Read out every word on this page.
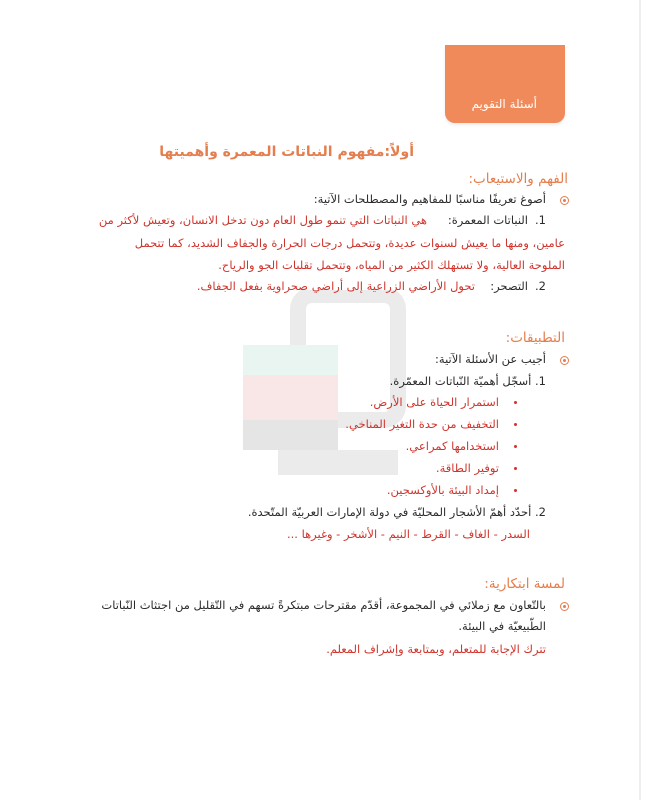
أسئلة التقويم
أولاً:مفهوم النباتات المعمرة وأهميتها
الفهم والاستيعاب:
أصوغ تعريفًا مناسبًا للمفاهيم والمصطلحات الآتية:
1.
النباتات المعمرة:
هي النباتات التي تنمو طول العام دون تدخل الانسان، وتعيش لأكثر من
عامين، ومنها ما يعيش لسنوات عديدة، وتتحمل درجات الحرارة والجفاف الشديد، كما تتحمل
الملوحة العالية، ولا تستهلك الكثير من المياه، وتتحمل تقلبات الجو والرياح.
2.
التصحر:
تحول الأراضي الزراعية إلى أراضي صحراوية بفعل الجفاف.
التطبيقات:
أجيب عن الأسئلة الآتية:
1. أسجّل أهميّة النّباتات المعمّرة.
استمرار الحياة على الأرض.
التخفيف من حدة التغير المناخي.
استخدامها كمراعي.
توفير الطاقة.
إمداد البيئة بالأوكسجين.
2. أحدّد أهمّ الأشجار المحليّة في دولة الإمارات العربيّة المتّحدة.
السدر - الغاف - القرط - النيم - الأشخر - وغيرها ...
لمسة ابتكارية:
بالتّعاون مع زملائي في المجموعة، أقدّم مقترحات مبتكرةً تسهم في التّقليل من اجتثاث النّباتات
الطّبيعيّة في البيئة.
تترك الإجابة للمتعلم، وبمتابعة وإشراف المعلم.
